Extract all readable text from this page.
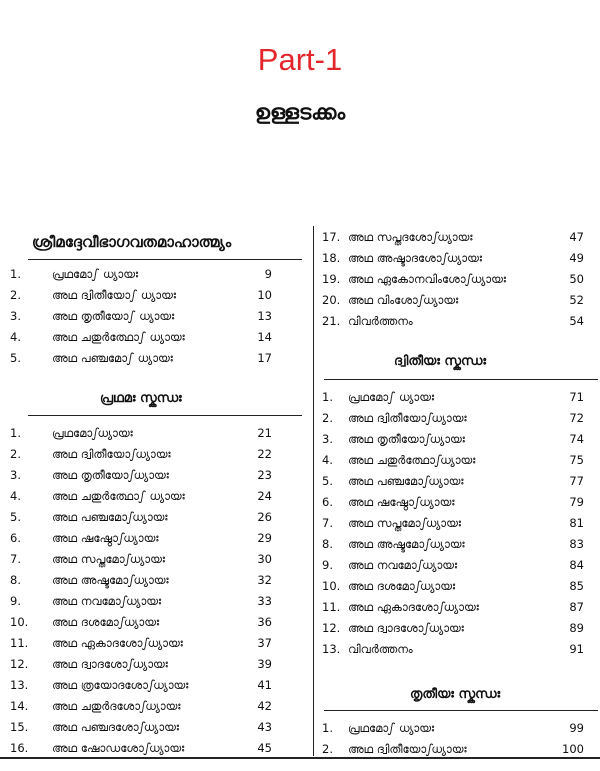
Part-1
ഉള്ളടക്കം
ശ്രീമദ്ദേവീഭാഗവതമാഹാത്മ്യം
1.	പ്രഥമോഽ ധ്യായഃ	9
2.	അഥ ദ്വിതീയോഽ ധ്യായഃ	10
3.	അഥ തൃതീയോഽ ധ്യായഃ	13
4.	അഥ ചതുർത്ഥോഽ ധ്യായഃ	14
5.	അഥ പഞ്ചമോഽ ധ്യായഃ	17
പ്രഥമഃ സ്കന്ധഃ
1.	പ്രഥമോഽധ്യായഃ	21
2.	അഥ ദ്വിതീയോഽധ്യായഃ	22
3.	അഥ തൃതീയോഽധ്യായഃ	23
4.	അഥ ചതുർത്ഥോഽ ധ്യായഃ	24
5.	അഥ പഞ്ചമോഽധ്യായഃ	26
6.	അഥ ഷഷ്ഠോഽധ്യായഃ	29
7.	അഥ സപ്തമോഽധ്യായഃ	30
8.	അഥ അഷ്ടമോഽധ്യായഃ	32
9.	അഥ നവമോഽധ്യായഃ	33
10. അഥ ദശമോഽധ്യായഃ	36
11. അഥ ഏകാദശോഽധ്യായഃ	37
12. അഥ ദ്വാദശോഽധ്യായഃ	39
13. അഥ ത്രയോദശോഽധ്യായഃ	41
14. അഥ ചതുർദശോഽധ്യായഃ	42
15. അഥ പഞ്ചദശോഽധ്യായഃ	43
16. അഥ ഷോഡശോഽധ്യായഃ	45
17. അഥ സപ്തദശോഽധ്യായഃ	47
18. അഥ അഷ്ടാദശോഽധ്യായഃ	49
19. അഥ ഏകോനവിംശോഽധ്യായഃ	50
20. അഥ വിംശോഽധ്യായഃ	52
21. വിവർത്തനം	54
ദ്വിതീയഃ സ്കന്ധഃ
1. പ്രഥമോഽ ധ്യായഃ	71
2. അഥ ദ്വിതീയോഽധ്യായഃ	72
3. അഥ തൃതീയോഽധ്യായഃ	74
4. അഥ ചതുർത്ഥോഽധ്യായഃ	75
5. അഥ പഞ്ചമോഽധ്യായഃ	77
6. അഥ ഷഷ്ഠോഽധ്യായഃ	79
7. അഥ സപ്തമോഽധ്യായഃ	81
8. അഥ അഷ്ടമോഽധ്യായഃ	83
9. അഥ നവമോഽധ്യായഃ	84
10. അഥ ദശമോഽധ്യായഃ	85
11. അഥ ഏകാദശോഽധ്യായഃ	87
12. അഥ ദ്വാദശോഽധ്യായഃ	89
13. വിവർത്തനം	91
തൃതീയഃ സ്കന്ധഃ
1. പ്രഥമോഽ ധ്യായഃ	99
2. അഥ ദ്വിതീയോഽധ്യായഃ	100
